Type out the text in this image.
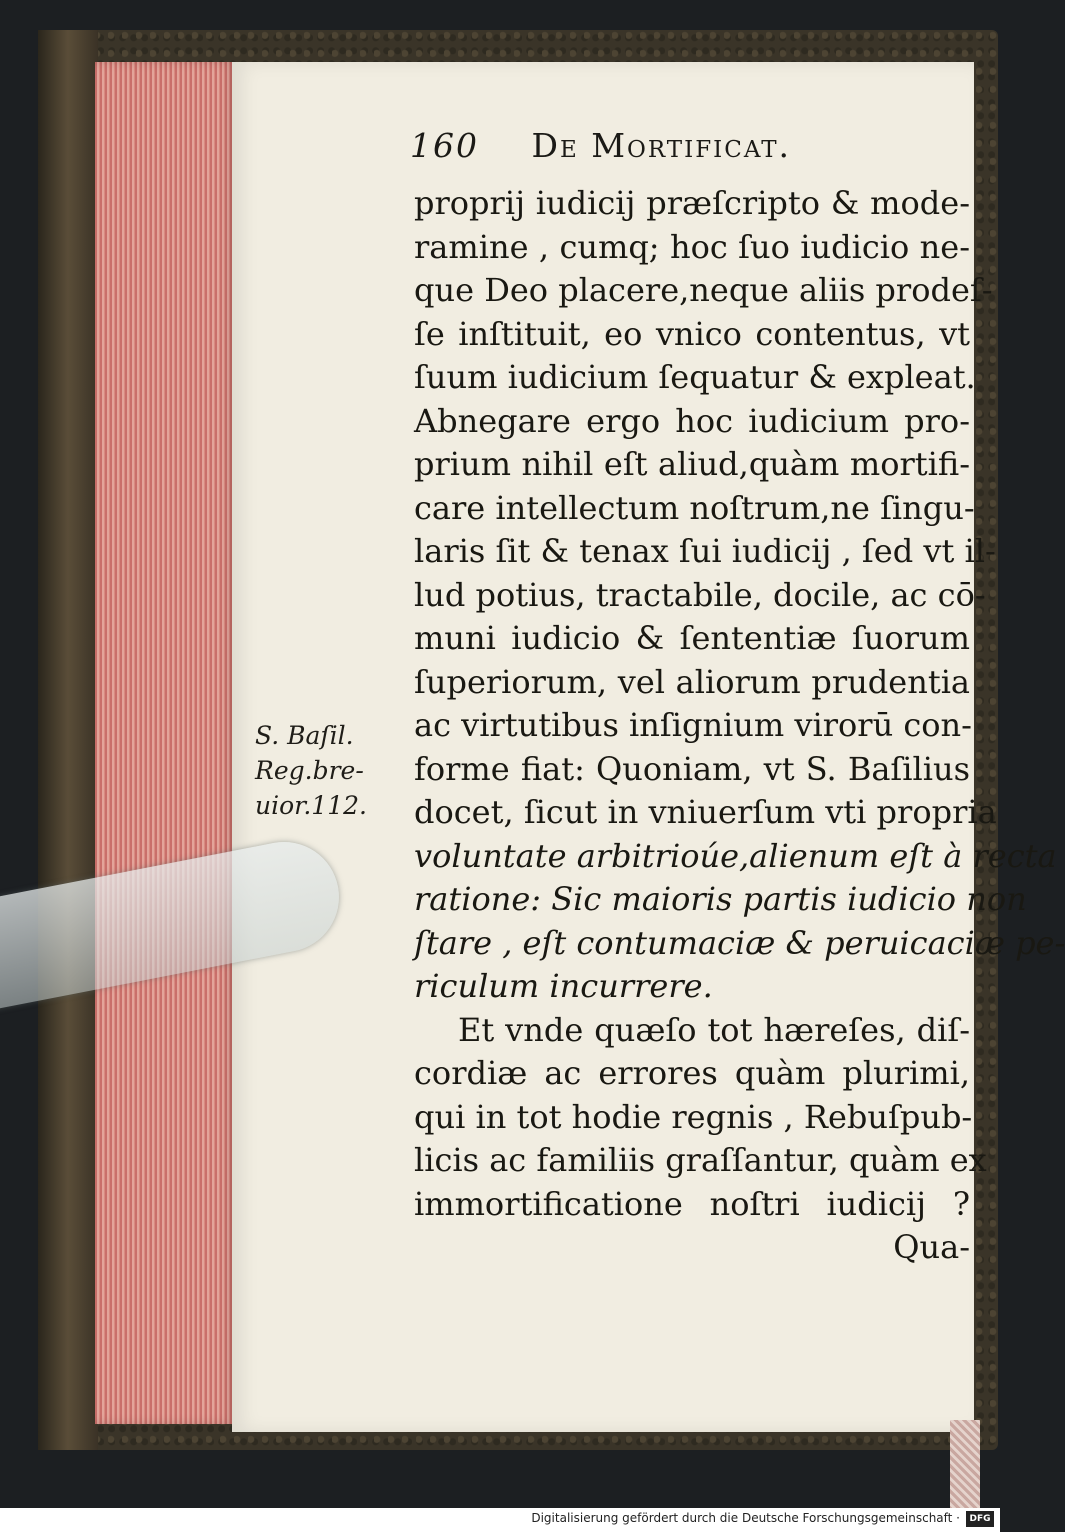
160 De Mortificat.
proprij iudicij præſcripto & mode-
ramine , cumq; hoc ſuo iudicio ne-
que Deo placere,neque aliis prodeſ-
ſe inſtituit, eo vnico contentus, vt
ſuum iudicium ſequatur & expleat.
Abnegare ergo hoc iudicium pro-
prium nihil eſt aliud,quàm mortifi-
care intellectum noſtrum,ne ſingu-
laris ſit & tenax ſui iudicij , ſed vt il-
lud potius, tractabile, docile, ac cō-
muni iudicio & ſententiæ ſuorum
ſuperiorum, vel aliorum prudentia
ac virtutibus inſignium virorū con-
forme fiat: Quoniam, vt S. Baſilius
docet, ſicut in vniuerſum vti propria
voluntate arbitrioúe,alienum eſt à recta
ratione: Sic maioris partis iudicio non
ſtare , eſt contumaciæ & peruicaciæ pe-
riculum incurrere.
Et vnde quæſo tot hæreſes, diſ-
cordiæ ac errores quàm plurimi,
qui in tot hodie regnis , Rebuſpub-
licis ac familiis graſſantur, quàm ex
immortificatione noſtri iudicij ?
Qua-
S. Baſil.
Reg.bre-
uior.112.
Digitalisierung gefördert durch die Deutsche Forschungsgemeinschaft ·	DFG
